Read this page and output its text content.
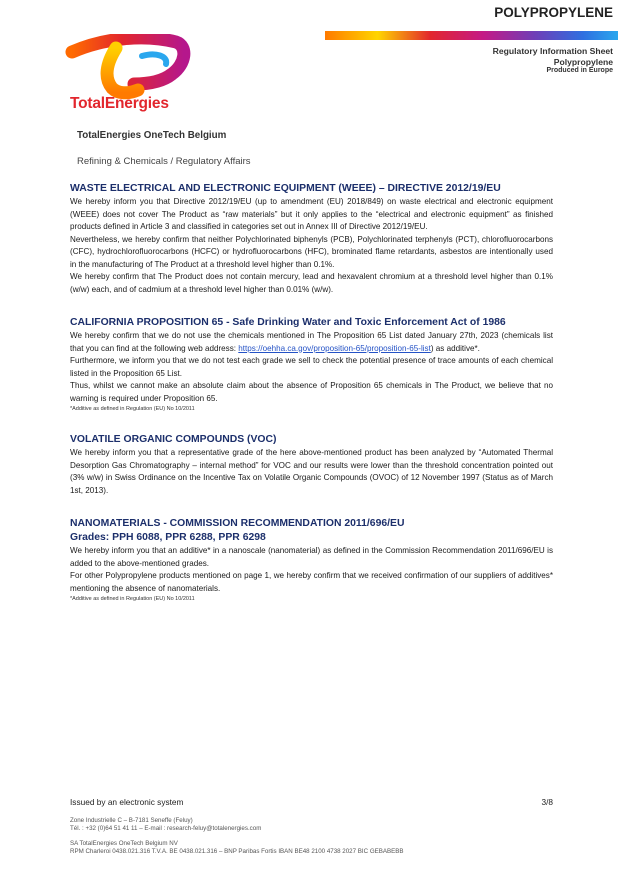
POLYPROPYLENE
TotalEnergies
Regulatory Information Sheet
Polypropylene
Produced in Europe
TotalEnergies OneTech Belgium
Refining & Chemicals / Regulatory Affairs
WASTE ELECTRICAL AND ELECTRONIC EQUIPMENT (WEEE) – DIRECTIVE 2012/19/EU

We hereby inform you that Directive 2012/19/EU (up to amendment (EU) 2018/849) on waste electrical and electronic equipment (WEEE) does not cover The Product as “raw materials” but it only applies to the “electrical and electronic equipment” as finished products defined in Article 3 and classified in categories set out in Annex III of Directive 2012/19/EU.

Nevertheless, we hereby confirm that neither Polychlorinated biphenyls (PCB), Polychlorinated terphenyls (PCT), chlorofluorocarbons (CFC), hydrochlorofluorocarbons (HCFC) or hydrofluorocarbons (HFC), brominated flame retardants, asbestos are intentionally used in the manufacturing of The Product at a threshold level higher than 0.1%.

We hereby confirm that The Product does not contain mercury, lead and hexavalent chromium at a threshold level higher than 0.1% (w/w) each, and of cadmium at a threshold level higher than 0.01% (w/w).

CALIFORNIA PROPOSITION 65 - Safe Drinking Water and Toxic Enforcement Act of 1986

We hereby confirm that we do not use the chemicals mentioned in The Proposition 65 List dated January 27th, 2023 (chemicals list that you can find at the following web address: https://oehha.ca.gov/proposition-65/proposition-65-list) as additive*.

Furthermore, we inform you that we do not test each grade we sell to check the potential presence of trace amounts of each chemical listed in the Proposition 65 List.

Thus, whilst we cannot make an absolute claim about the absence of Proposition 65 chemicals in The Product, we believe that no warning is required under Proposition 65.

*Additive as defined in Regulation (EU) No 10/2011
VOLATILE ORGANIC COMPOUNDS (VOC)

We hereby inform you that a representative grade of the here above-mentioned product has been analyzed by “Automated Thermal Desorption Gas Chromatography – internal method” for VOC and our results were lower than the threshold concentration pointed out (3% w/w) in Swiss Ordinance on the Incentive Tax on Volatile Organic Compounds (OVOC) of 12 November 1997 (Status as of March 1st, 2013).

NANOMATERIALS - COMMISSION RECOMMENDATION 2011/696/EU
Grades: PPH 6088, PPR 6288, PPR 6298

We hereby inform you that an additive* in a nanoscale (nanomaterial) as defined in the Commission Recommendation 2011/696/EU is added to the above-mentioned grades.

For other Polypropylene products mentioned on page 1, we hereby confirm that we received confirmation of our suppliers of additives* mentioning the absence of nanomaterials.

*Additive as defined in Regulation (EU) No 10/2011
Issued by an electronic system	3/8
Zone Industrielle C – B-7181 Seneffe (Feluy)
Tél. : +32 (0)64 51 41 11 – E-mail : research-feluy@totalenergies.com
SA TotalEnergies OneTech Belgium NV
RPM Charleroi 0438.021.316 T.V.A. BE 0438.021.316 – BNP Paribas Fortis IBAN BE48 2100 4738 2027 BIC GEBABEBB
